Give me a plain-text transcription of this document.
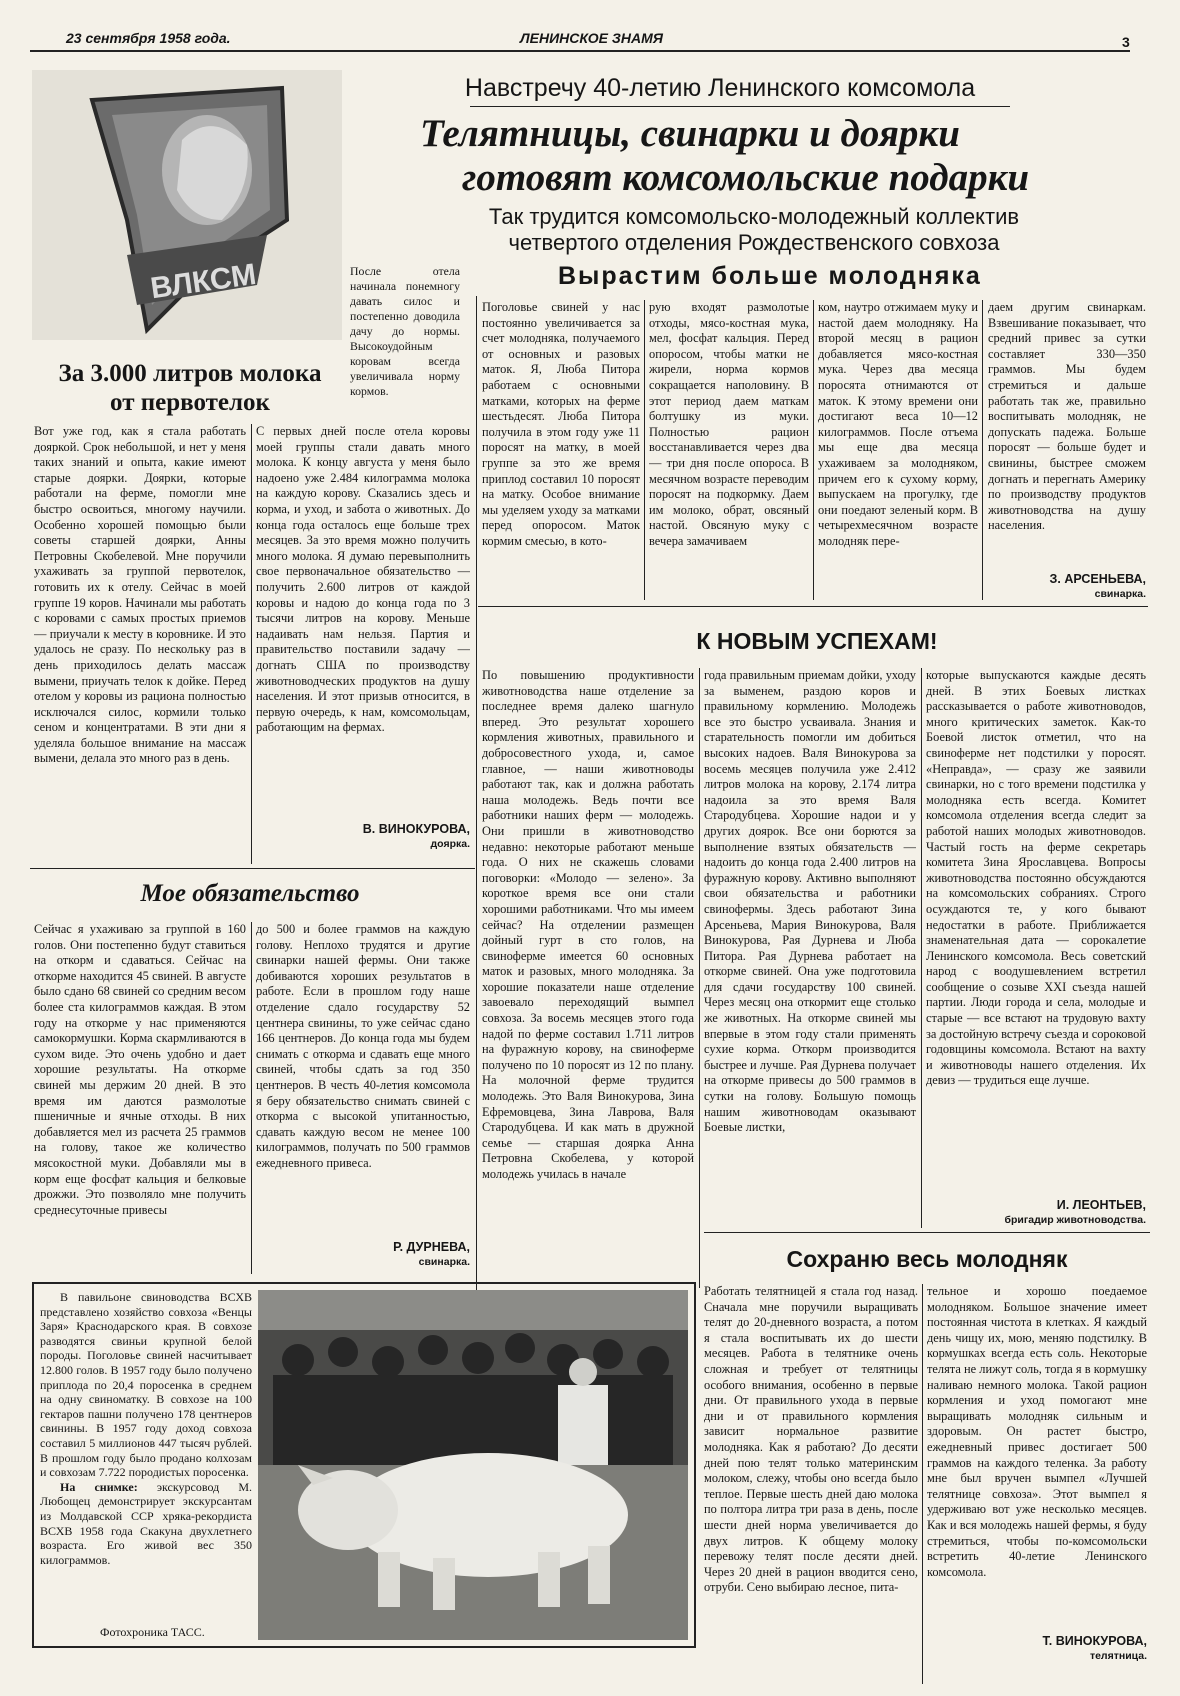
23 сентября 1958 года.	ЛЕНИНСКОЕ ЗНАМЯ	3
ВЛКСМ
Навстречу 40-летию Ленинского комсомола
Телятницы, свинарки и доярки
готовят комсомольские подарки
Так трудится комсомольско-молодежный коллектив
четвертого отделения Рождественского совхоза
После отела начинала понемногу давать силос и постепенно доводила дачу до нормы. Высокоудойным коровам всегда увеличивала норму кормов.
За 3.000 литров молока
от первотелок
Вот уже год, как я стала работать дояркой. Срок небольшой, и нет у меня таких знаний и опыта, какие имеют старые доярки. Доярки, которые работали на ферме, помогли мне быстро освоиться, многому научили. Особенно хорошей помощью были советы старшей доярки, Анны Петровны Скобелевой. Мне поручили ухаживать за группой первотелок, готовить их к отелу. Сейчас в моей группе 19 коров. Начинали мы работать с коровами с самых простых приемов — приучали к месту в коровнике. И это удалось не сразу. По нескольку раз в день приходилось делать массаж вымени, приучать телок к дойке. Перед отелом у коровы из рациона полностью исключался силос, кормили только сеном и концентратами. В эти дни я уделяла большое внимание на массаж вымени, делала это много раз в день.
С первых дней после отела коровы моей группы стали давать много молока. К концу августа у меня было надоено уже 2.484 килограмма молока на каждую корову. Сказались здесь и корма, и уход, и забота о животных. До конца года осталось еще больше трех месяцев. За это время можно получить много молока. Я думаю перевыполнить свое первоначальное обязательство — получить 2.600 литров от каждой коровы и надою до конца года по 3 тысячи литров на корову. Меньше надаивать нам нельзя. Партия и правительство поставили задачу — догнать США по производству животноводческих продуктов на душу населения. И этот призыв относится, в первую очередь, к нам, комсомольцам, работающим на фермах.
В. ВИНОКУРОВА,
доярка.
Вырастим больше молодняка
Поголовье свиней у нас постоянно увеличивается за счет молодняка, получаемого от основных и разовых маток. Я, Люба Питора работаем с основными матками, которых на ферме шестьдесят. Люба Питора получила в этом году уже 11 поросят на матку, в моей группе за это же время приплод составил 10 поросят на матку. Особое внимание мы уделяем уходу за матками перед опоросом. Маток кормим смесью, в кото-
рую входят размолотые отходы, мясо-костная мука, мел, фосфат кальция. Перед опоросом, чтобы матки не жирели, норма кормов сокращается наполовину. В этот период даем маткам болтушку из муки. Полностью рацион восстанавливается через два — три дня после опороса. В месячном возрасте переводим поросят на подкормку. Даем им молоко, обрат, овсяный настой. Овсяную муку с вечера замачиваем
ком, наутро отжимаем муку и настой даем молодняку. На второй месяц в рацион добавляется мясо-костная мука. Через два месяца поросята отнимаются от маток. К этому времени они достигают веса 10—12 килограммов. После отъема мы еще два месяца ухаживаем за молодняком, причем его к сухому корму, выпускаем на прогулку, где они поедают зеленый корм. В четырехмесячном возрасте молодняк пере-
даем другим свинаркам. Взвешивание показывает, что средний привес за сутки составляет 330—350 граммов. Мы будем стремиться и дальше работать так же, правильно воспитывать молодняк, не допускать падежа. Больше поросят — больше будет и свинины, быстрее сможем догнать и перегнать Америку по производству продуктов животноводства на душу населения.
З. АРСЕНЬЕВА,
свинарка.
Мое обязательство
Сейчас я ухаживаю за группой в 160 голов. Они постепенно будут ставиться на откорм и сдаваться. Сейчас на откорме находится 45 свиней. В августе было сдано 68 свиней со средним весом более ста килограммов каждая. В этом году на откорме у нас применяются самокормушки. Корма скармливаются в сухом виде. Это очень удобно и дает хорошие результаты. На откорме свиней мы держим 20 дней. В это время им даются размолотые пшеничные и ячные отходы. В них добавляется мел из расчета 25 граммов на голову, такое же количество мясокостной муки. Добавляли мы в корм еще фосфат кальция и белковые дрожжи. Это позволяло мне получить среднесуточные привесы
до 500 и более граммов на каждую голову. Неплохо трудятся и другие свинарки нашей фермы. Они также добиваются хороших результатов в работе. Если в прошлом году наше отделение сдало государству 52 центнера свинины, то уже сейчас сдано 166 центнеров. До конца года мы будем снимать с откорма и сдавать еще много свиней, чтобы сдать за год 350 центнеров. В честь 40-летия комсомола я беру обязательство снимать свиней с откорма с высокой упитанностью, сдавать каждую весом не менее 100 килограммов, получать по 500 граммов ежедневного привеса.
Р. ДУРНЕВА,
свинарка.
К НОВЫМ УСПЕХАМ!
По повышению продуктивности животноводства наше отделение за последнее время далеко шагнуло вперед. Это результат хорошего кормления животных, правильного и добросовестного ухода, и, самое главное, — наши животноводы работают так, как и должна работать наша молодежь. Ведь почти все работники наших ферм — молодежь. Они пришли в животноводство недавно: некоторые работают меньше года. О них не скажешь словами поговорки: «Молодо — зелено». За короткое время все они стали хорошими работниками. Что мы имеем сейчас? На отделении размещен дойный гурт в сто голов, на свиноферме имеется 60 основных маток и разовых, много молодняка. За хорошие показатели наше отделение завоевало переходящий вымпел совхоза. За восемь месяцев этого года надой по ферме составил 1.711 литров на фуражную корову, на свиноферме получено по 10 поросят из 12 по плану. На молочной ферме трудится молодежь. Это Валя Винокурова, Зина Ефремовцева, Зина Лаврова, Валя Стародубцева. И как мать в дружной семье — старшая доярка Анна Петровна Скобелева, у которой молодежь училась в начале
года правильным приемам дойки, уходу за выменем, раздою коров и правильному кормлению. Молодежь все это быстро усваивала. Знания и старательность помогли им добиться высоких надоев. Валя Винокурова за восемь месяцев получила уже 2.412 литров молока на корову, 2.174 литра надоила за это время Валя Стародубцева. Хорошие надои и у других доярок. Все они борются за выполнение взятых обязательств — надоить до конца года 2.400 литров на фуражную корову. Активно выполняют свои обязательства и работники свинофермы. Здесь работают Зина Арсеньева, Мария Винокурова, Валя Винокурова, Рая Дурнева и Люба Питора. Рая Дурнева работает на откорме свиней. Она уже подготовила для сдачи государству 100 свиней. Через месяц она откормит еще столько же животных. На откорме свиней мы впервые в этом году стали применять сухие корма. Откорм производится быстрее и лучше. Рая Дурнева получает на откорме привесы до 500 граммов в сутки на голову. Большую помощь нашим животноводам оказывают Боевые листки,
которые выпускаются каждые десять дней. В этих Боевых листках рассказывается о работе животноводов, много критических заметок. Как-то Боевой листок отметил, что на свиноферме нет подстилки у поросят. «Неправда», — сразу же заявили свинарки, но с того времени подстилка у молодняка есть всегда. Комитет комсомола отделения всегда следит за работой наших молодых животноводов. Частый гость на ферме секретарь комитета Зина Ярославцева. Вопросы животноводства постоянно обсуждаются на комсомольских собраниях. Строго осуждаются те, у кого бывают недостатки в работе. Приближается знаменательная дата — сорокалетие Ленинского комсомола. Весь советский народ с воодушевлением встретил сообщение о созыве XXI съезда нашей партии. Люди города и села, молодые и старые — все встают на трудовую вахту за достойную встречу съезда и сороковой годовщины комсомола. Встают на вахту и животноводы нашего отделения. Их девиз — трудиться еще лучше.
И. ЛЕОНТЬЕВ,
бригадир животноводства.

В павильоне свиноводства ВСХВ представлено хозяйство совхоза «Венцы Заря» Краснодарского края. В совхозе разводятся свиньи крупной белой породы. Поголовье свиней насчитывает 12.800 голов. В 1957 году было получено приплода по 20,4 поросенка в среднем на одну свиноматку. В совхозе на 100 гектаров пашни получено 178 центнеров свинины. В 1957 году доход совхоза составил 5 миллионов 447 тысяч рублей. В прошлом году было продано колхозам и совхозам 7.722 породистых поросенка.

На снимке: экскурсовод М. Любощец демонстрирует экскурсантам из Молдавской ССР хряка-рекордиста ВСХВ 1958 года Скакуна двухлетнего возраста. Его живой вес 350 килограммов.

Фотохроника ТАСС.
Сохраню весь молодняк
Работать телятницей я стала год назад. Сначала мне поручили выращивать телят до 20-дневного возраста, а потом я стала воспитывать их до шести месяцев. Работа в телятнике очень сложная и требует от телятницы особого внимания, особенно в первые дни. От правильного ухода в первые дни и от правильного кормления зависит нормальное развитие молодняка. Как я работаю? До десяти дней пою телят только материнским молоком, слежу, чтобы оно всегда было теплое. Первые шесть дней даю молока по полтора литра три раза в день, после шести дней норма увеличивается до двух литров. К общему молоку перевожу телят после десяти дней. Через 20 дней в рацион вводится сено, отруби. Сено выбираю лесное, пита-
тельное и хорошо поедаемое молодняком. Большое значение имеет постоянная чистота в клетках. Я каждый день чищу их, мою, меняю подстилку. В кормушках всегда есть соль. Некоторые телята не лижут соль, тогда я в кормушку наливаю немного молока. Такой рацион кормления и уход помогают мне выращивать молодняк сильным и здоровым. Он растет быстро, ежедневный привес достигает 500 граммов на каждого теленка. За работу мне был вручен вымпел «Лучшей телятнице совхоза». Этот вымпел я удерживаю вот уже несколько месяцев. Как и вся молодежь нашей фермы, я буду стремиться, чтобы по-комсомольски встретить 40-летие Ленинского комсомола.
Т. ВИНОКУРОВА,
телятница.
